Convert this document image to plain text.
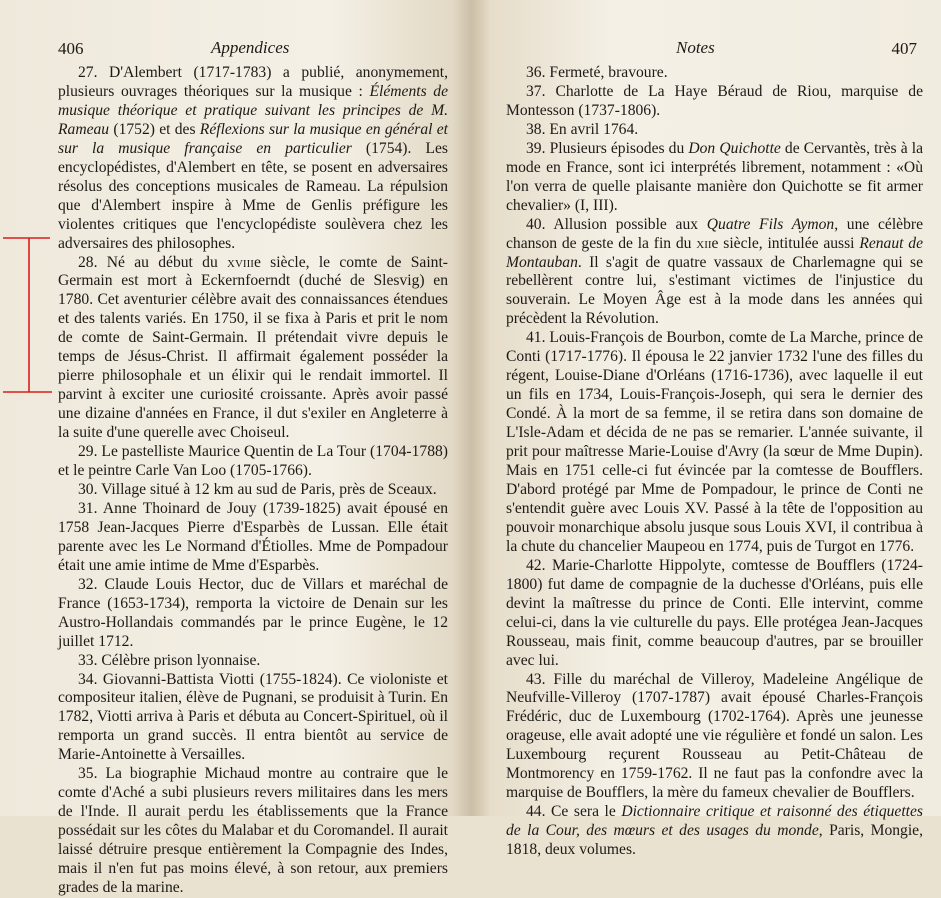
406	Appendices

27. D'Alembert (1717-1783) a publié, anonymement, plusieurs ouvrages théoriques sur la musique : Éléments de musique théorique et pratique suivant les principes de M. Rameau (1752) et des Réflexions sur la musique en général et sur la musique française en particulier (1754). Les encyclopédistes, d'Alembert en tête, se posent en adversaires résolus des conceptions musicales de Rameau. La répulsion que d'Alembert inspire à Mme de Genlis préfigure les violentes critiques que l'encyclopédiste soulèvera chez les adversaires des philosophes.

28. Né au début du xviiie siècle, le comte de Saint-Germain est mort à Eckernfoerndt (duché de Slesvig) en 1780. Cet aventurier célèbre avait des connaissances étendues et des talents variés. En 1750, il se fixa à Paris et prit le nom de comte de Saint-Germain. Il prétendait vivre depuis le temps de Jésus-Christ. Il affirmait également posséder la pierre philosophale et un élixir qui le rendait immortel. Il parvint à exciter une curiosité croissante. Après avoir passé une dizaine d'années en France, il dut s'exiler en Angleterre à la suite d'une querelle avec Choiseul.

29. Le pastelliste Maurice Quentin de La Tour (1704-1788) et le peintre Carle Van Loo (1705-1766).

30. Village situé à 12 km au sud de Paris, près de Sceaux.

31. Anne Thoinard de Jouy (1739-1825) avait épousé en 1758 Jean-Jacques Pierre d'Esparbès de Lussan. Elle était parente avec les Le Normand d'Étiolles. Mme de Pompadour était une amie intime de Mme d'Esparbès.

32. Claude Louis Hector, duc de Villars et maréchal de France (1653-1734), remporta la victoire de Denain sur les Austro-Hollandais commandés par le prince Eugène, le 12 juillet 1712.

33. Célèbre prison lyonnaise.

34. Giovanni-Battista Viotti (1755-1824). Ce violoniste et compositeur italien, élève de Pugnani, se produisit à Turin. En 1782, Viotti arriva à Paris et débuta au Concert-Spirituel, où il remporta un grand succès. Il entra bientôt au service de Marie-Antoinette à Versailles.

35. La biographie Michaud montre au contraire que le comte d'Aché a subi plusieurs revers militaires dans les mers de l'Inde. Il aurait perdu les établissements que la France possédait sur les côtes du Malabar et du Coromandel. Il aurait laissé détruire presque entièrement la Compagnie des Indes, mais il n'en fut pas moins élevé, à son retour, aux premiers grades de la marine.

Notes	407

36. Fermeté, bravoure.

37. Charlotte de La Haye Béraud de Riou, marquise de Montesson (1737-1806).

38. En avril 1764.

39. Plusieurs épisodes du Don Quichotte de Cervantès, très à la mode en France, sont ici interprétés librement, notamment : «Où l'on verra de quelle plaisante manière don Quichotte se fit armer chevalier» (I, III).

40. Allusion possible aux Quatre Fils Aymon, une célèbre chanson de geste de la fin du xiie siècle, intitulée aussi Renaut de Montauban. Il s'agit de quatre vassaux de Charlemagne qui se rebellèrent contre lui, s'estimant victimes de l'injustice du souverain. Le Moyen Âge est à la mode dans les années qui précèdent la Révolution.

41. Louis-François de Bourbon, comte de La Marche, prince de Conti (1717-1776). Il épousa le 22 janvier 1732 l'une des filles du régent, Louise-Diane d'Orléans (1716-1736), avec laquelle il eut un fils en 1734, Louis-François-Joseph, qui sera le dernier des Condé. À la mort de sa femme, il se retira dans son domaine de L'Isle-Adam et décida de ne pas se remarier. L'année suivante, il prit pour maîtresse Marie-Louise d'Avry (la sœur de Mme Dupin). Mais en 1751 celle-ci fut évincée par la comtesse de Boufflers. D'abord protégé par Mme de Pompadour, le prince de Conti ne s'entendit guère avec Louis XV. Passé à la tête de l'opposition au pouvoir monarchique absolu jusque sous Louis XVI, il contribua à la chute du chancelier Maupeou en 1774, puis de Turgot en 1776.

42. Marie-Charlotte Hippolyte, comtesse de Boufflers (1724-1800) fut dame de compagnie de la duchesse d'Orléans, puis elle devint la maîtresse du prince de Conti. Elle intervint, comme celui-ci, dans la vie culturelle du pays. Elle protégea Jean-Jacques Rousseau, mais finit, comme beaucoup d'autres, par se brouiller avec lui.

43. Fille du maréchal de Villeroy, Madeleine Angélique de Neufville-Villeroy (1707-1787) avait épousé Charles-François Frédéric, duc de Luxembourg (1702-1764). Après une jeunesse orageuse, elle avait adopté une vie régulière et fondé un salon. Les Luxembourg reçurent Rousseau au Petit-Château de Montmorency en 1759-1762. Il ne faut pas la confondre avec la marquise de Boufflers, la mère du fameux chevalier de Boufflers.

44. Ce sera le Dictionnaire critique et raisonné des étiquettes de la Cour, des mœurs et des usages du monde, Paris, Mongie, 1818, deux volumes.
